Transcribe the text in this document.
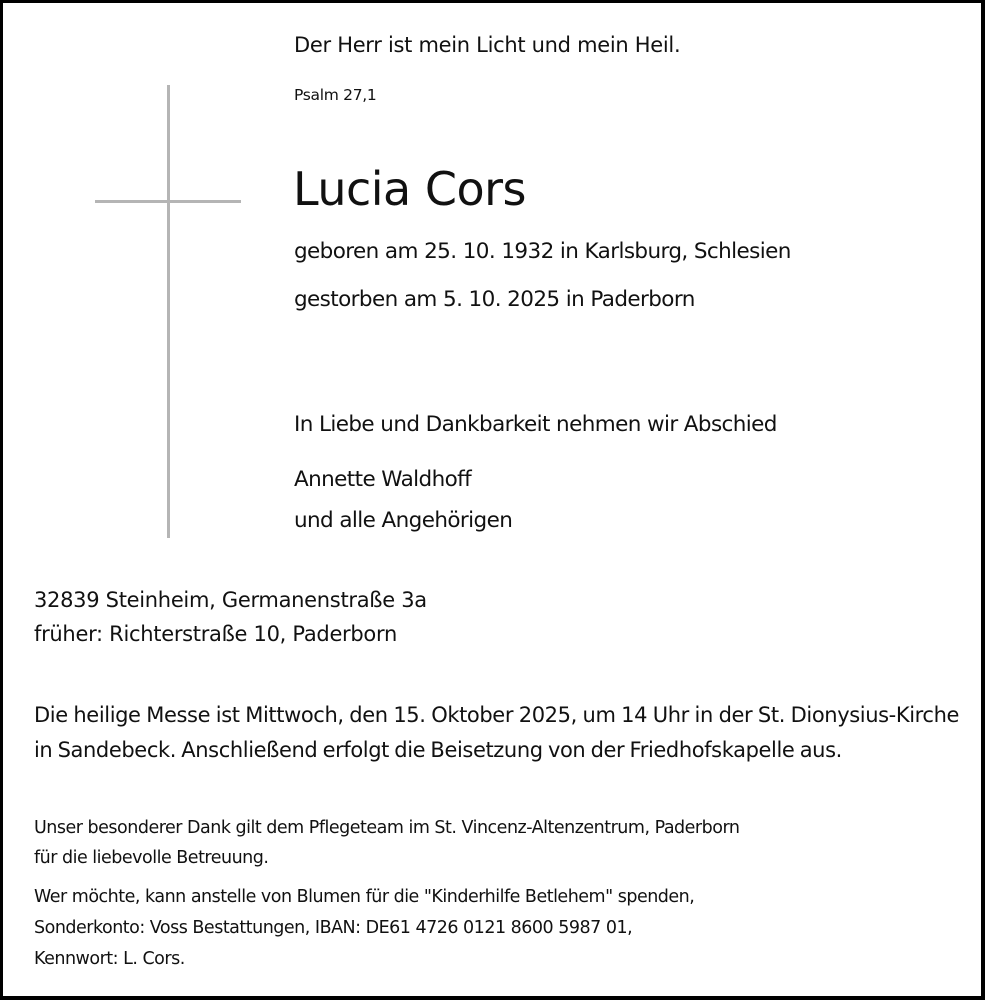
Der Herr ist mein Licht und mein Heil.

Psalm 27,1

Lucia Cors

geboren am 25. 10. 1932 in Karlsburg, Schlesien

gestorben am 5. 10. 2025 in Paderborn

In Liebe und Dankbarkeit nehmen wir Abschied

Annette Waldhoff

und alle Angehörigen

32839 Steinheim, Germanenstraße 3a

früher: Richterstraße 10, Paderborn

Die heilige Messe ist Mittwoch, den 15. Oktober 2025, um 14 Uhr in der St. Dionysius-Kirche in Sandebeck. Anschließend erfolgt die Beisetzung von der Friedhofskapelle aus.

Unser besonderer Dank gilt dem Pflegeteam im St. Vincenz-Altenzentrum, Paderborn
für die liebevolle Betreuung.

Wer möchte, kann anstelle von Blumen für die "Kinderhilfe Betlehem" spenden,
Sonderkonto: Voss Bestattungen, IBAN: DE61 4726 0121 8600 5987 01,
Kennwort: L. Cors.
